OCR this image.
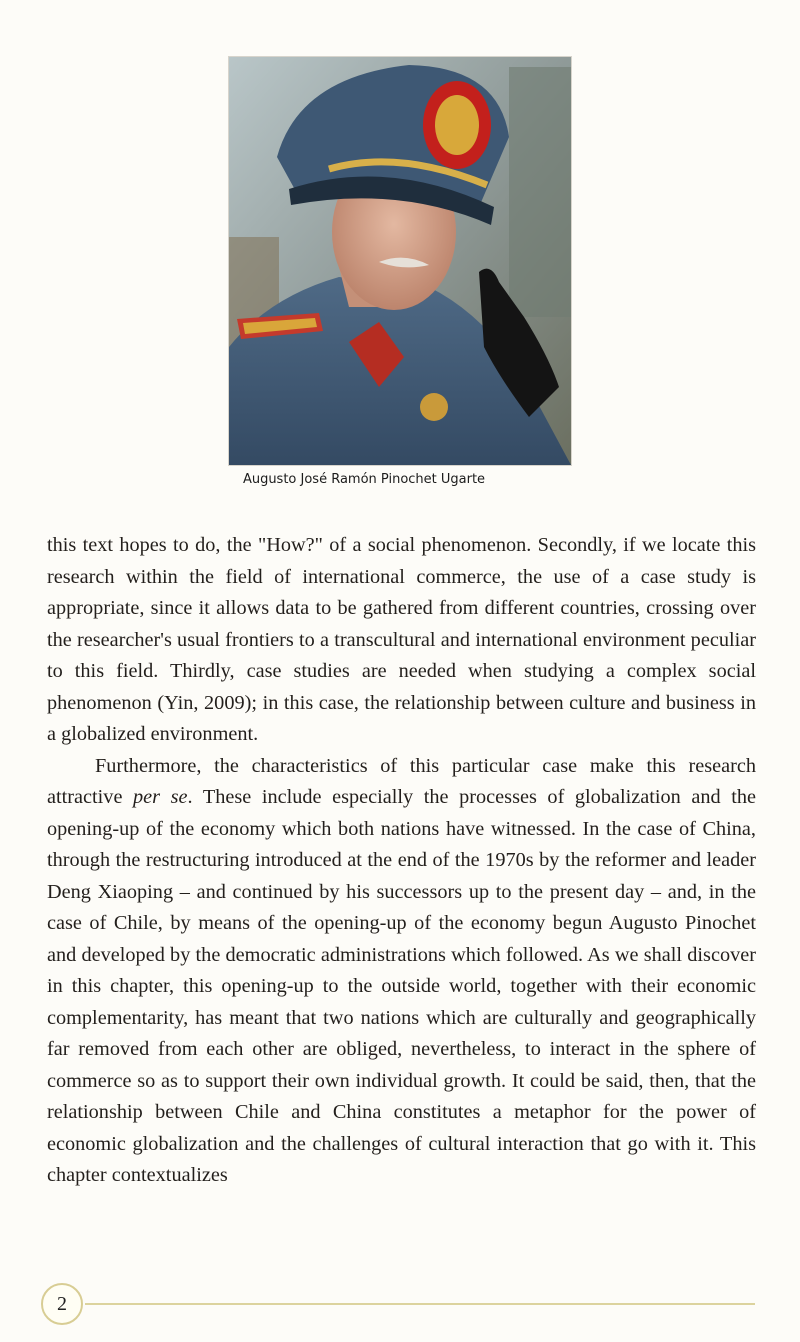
Augusto José Ramón Pinochet Ugarte

this text hopes to do, the "How?" of a social phenomenon. Secondly, if we locate this research within the field of international commerce, the use of a case study is appropriate, since it allows data to be gathered from different countries, crossing over the researcher's usual frontiers to a transcultural and international environment peculiar to this field. Thirdly, case studies are needed when studying a complex social phenomenon (Yin, 2009); in this case, the relationship between culture and business in a globalized environment.

Furthermore, the characteristics of this particular case make this research attractive per se. These include especially the processes of globalization and the opening-up of the economy which both nations have witnessed. In the case of China, through the restructuring introduced at the end of the 1970s by the reformer and leader Deng Xiaoping – and continued by his successors up to the present day – and, in the case of Chile, by means of the opening-up of the economy begun Augusto Pinochet and developed by the democratic administrations which followed. As we shall discover in this chapter, this opening-up to the outside world, together with their economic complementarity, has meant that two nations which are culturally and geographically far removed from each other are obliged, nevertheless, to interact in the sphere of commerce so as to support their own individual growth. It could be said, then, that the relationship between Chile and China constitutes a metaphor for the power of economic globalization and the challenges of cultural interaction that go with it. This chapter contextualizes

2
